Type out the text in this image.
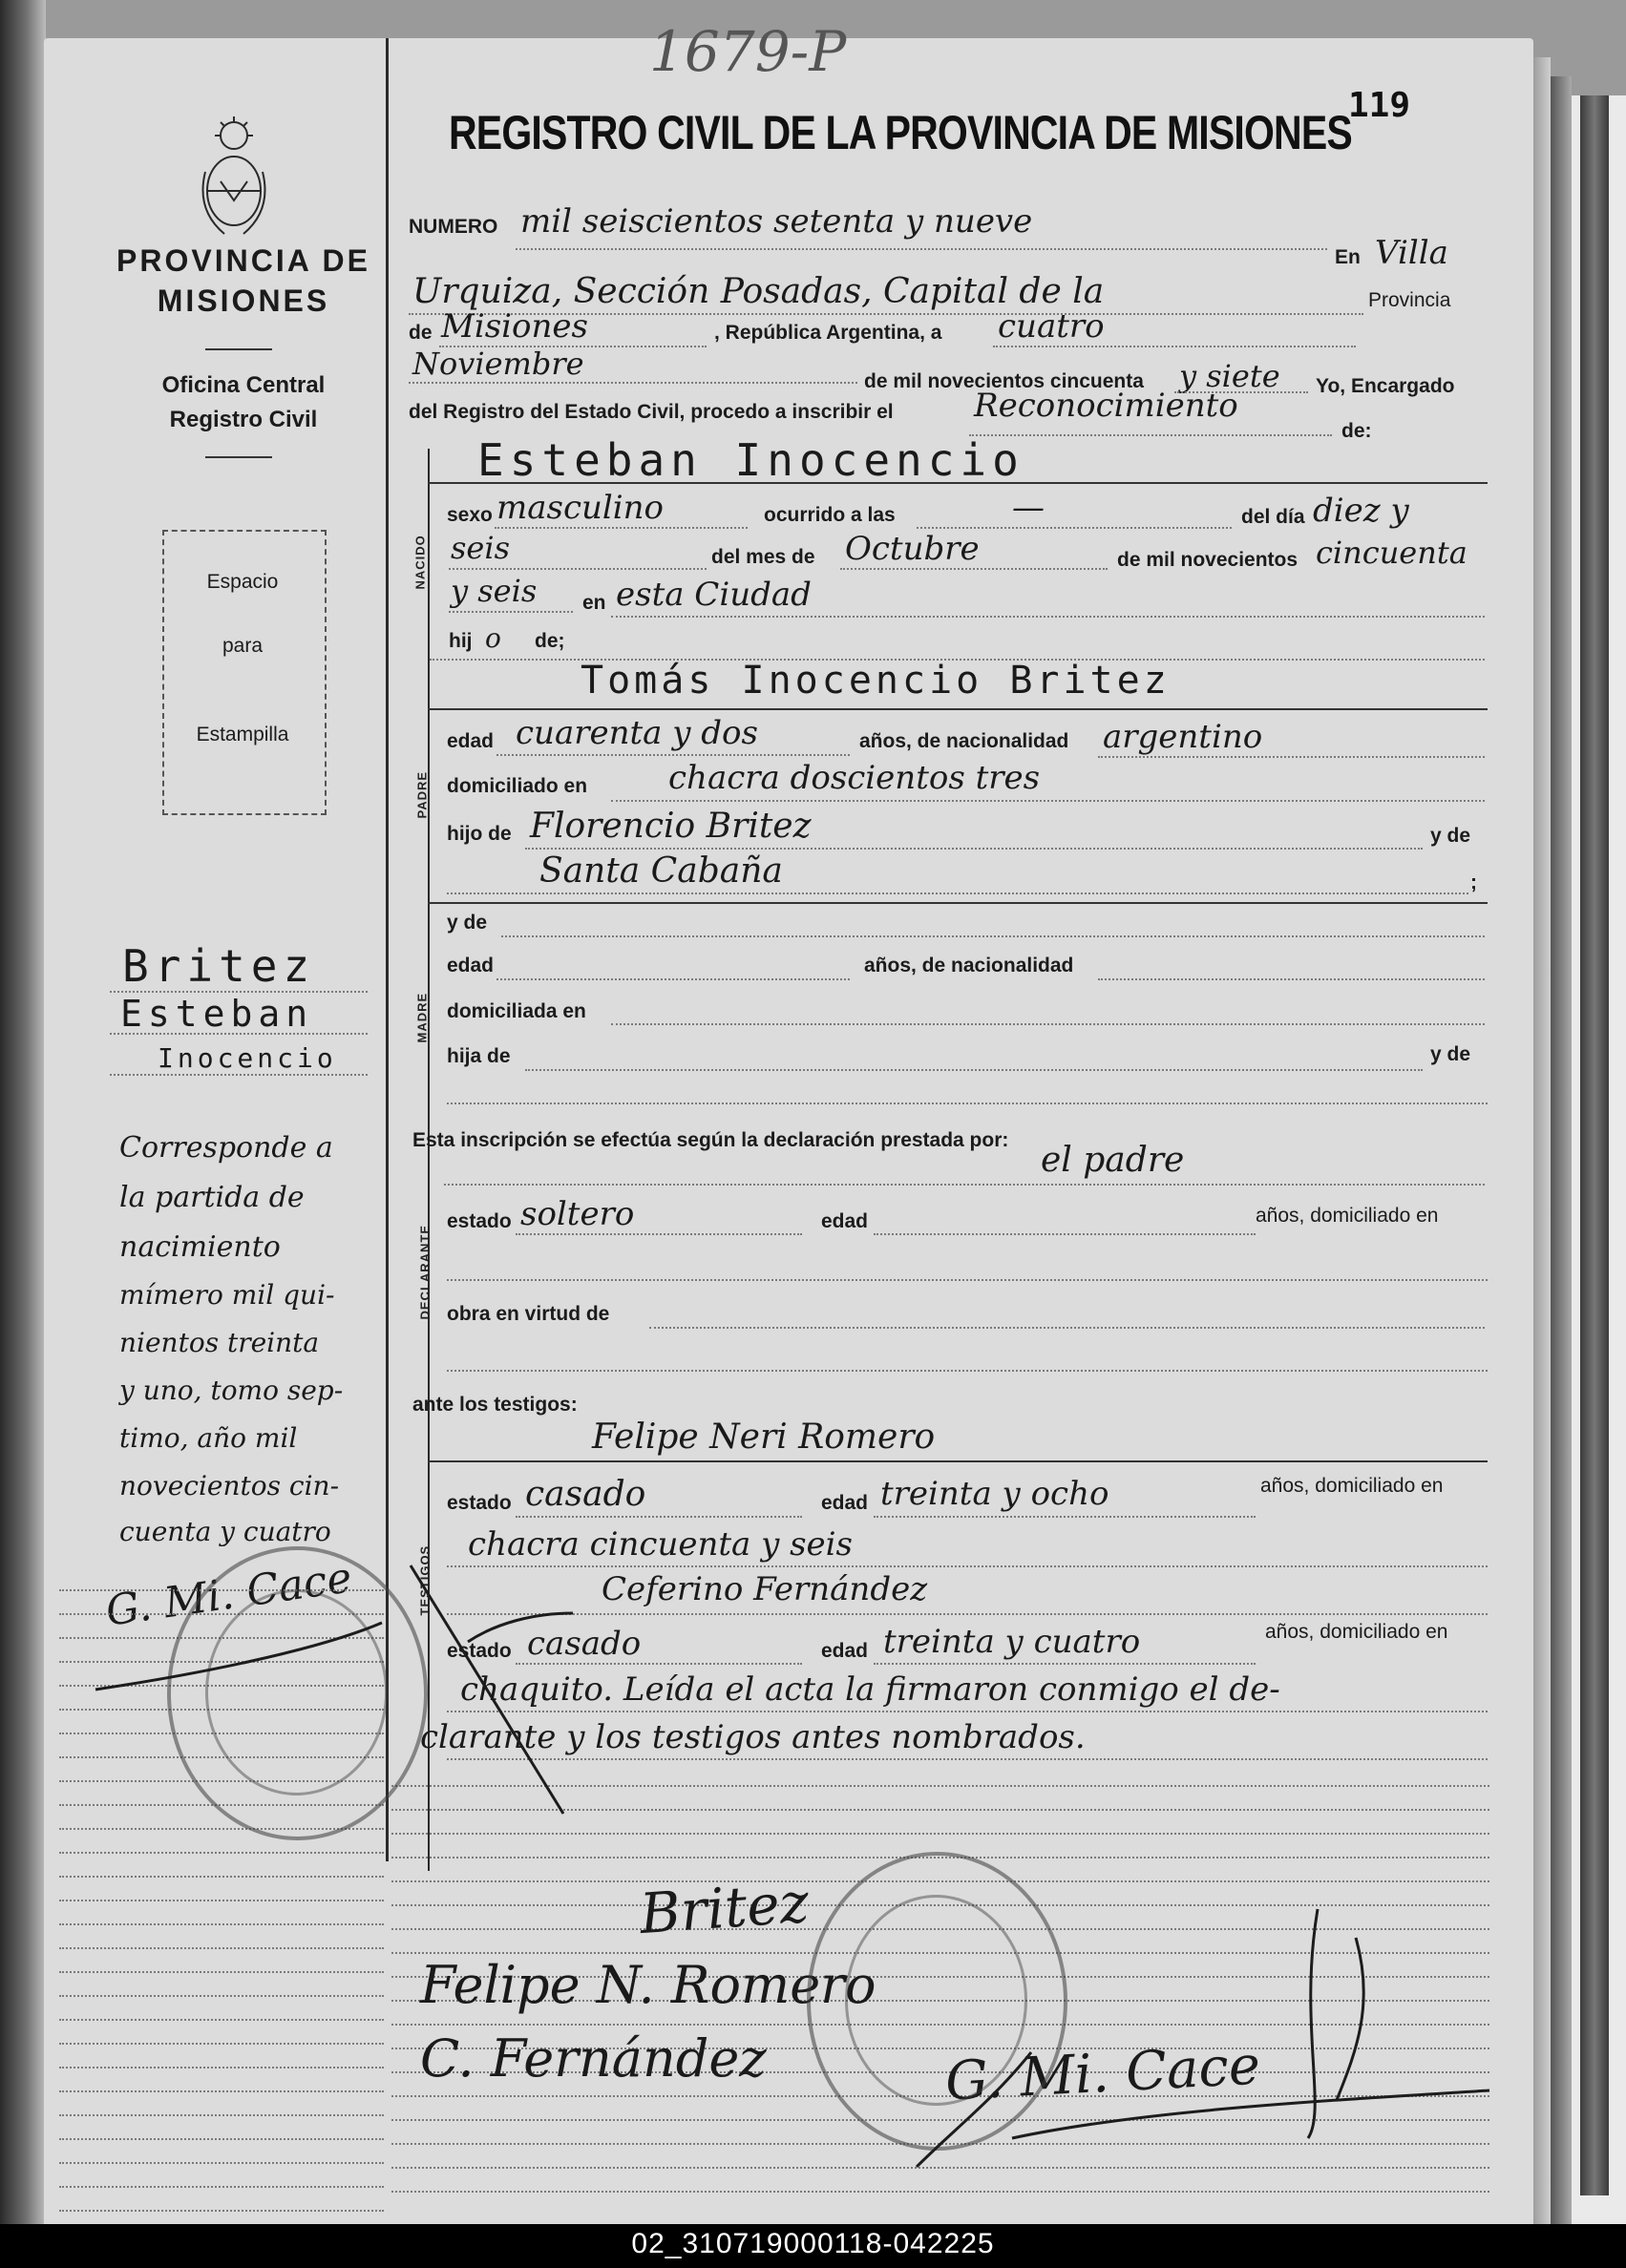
1679-P
119
REGISTRO CIVIL DE LA PROVINCIA DE MISIONES
PROVINCIA DE
MISIONES
Oficina Central
Registro Civil
Espacio
para
Estampilla
Britez
Esteban
Inocencio
Corresponde a
la partida de
nacimiento
mímero mil qui-
nientos treinta
y uno, tomo sep-
timo, año mil
novecientos cin-
cuenta y cuatro
G. Mi. Cace
NUMERO mil seiscientos setenta y nueve
En Villa
Urquiza, Sección Posadas, Capital de la	Provincia
de Misiones	, República Argentina, a cuatro
Noviembre	de mil novecientos cincuenta y siete Yo, Encargado
del Registro del Estado Civil, procedo a inscribir el Reconocimiento
de:
Esteban Inocencio
NACIDO
sexo masculino	ocurrido a las	—	del día diez y
seis	del mes de Octubre	de mil novecientos cincuenta
y seis en esta Ciudad
hij o de;
Tomás Inocencio Britez
PADRE
edad cuarenta y dos	años, de nacionalidad argentino
domiciliado en chacra doscientos tres
hijo de Florencio Britez	y de
Santa Cabaña	;
y de
MADRE
edad	años, de nacionalidad
domiciliada en
hija de	y de
Esta inscripción se efectúa según la declaración prestada por:
el padre
DECLARANTE
estado soltero	edad	años, domiciliado en
obra en virtud de
ante los testigos:
Felipe Neri Romero
TESTIGOS
estado casado	edad treinta y ocho	años, domiciliado en
chacra cincuenta y seis
Ceferino Fernández
estado casado	edad treinta y cuatro	años, domiciliado en
chaquito. Leída el acta la firmaron conmigo el de-
clarante y los testigos antes nombrados.
Britez
Felipe N. Romero
C. Fernández	G. Mi. Cace
02_310719000118-042225
